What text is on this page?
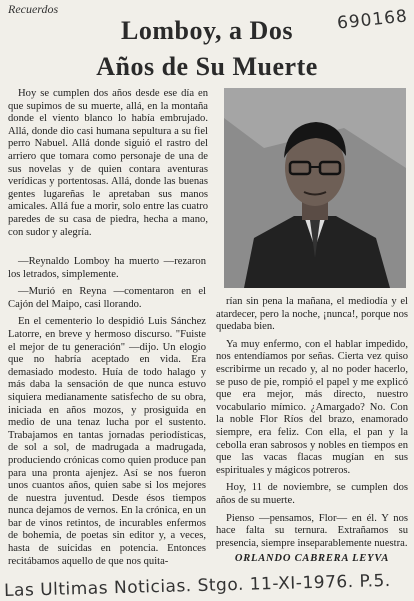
Recuerdos	690168
Lomboy, a Dos
Años de Su Muerte

Hoy se cumplen dos años desde ese día en que supimos de su muerte, allá, en la montaña donde el viento blanco lo había embrujado. Allá, donde dio casi humana sepultura a su fiel perro Nabuel. Allá donde siguió el rastro del arriero que tomara como personaje de una de sus novelas y de quien contara aventuras verídicas y portentosas. Allá, donde las buenas gentes lugareñas le apretaban sus manos amicales. Allá fue a morir, solo entre las cuatro paredes de su casa de piedra, hecha a mano, con sudor y alegría.

—Reynaldo Lomboy ha muerto —rezaron los letrados, simplemente.

—Murió en Reyna —comentaron en el Cajón del Maipo, casi llorando.

En el cementerio lo despidió Luis Sánchez Latorre, en breve y hermoso discurso. "Fuiste el mejor de tu generación" —dijo. Un elogio que no habría aceptado en vida. Era demasiado modesto. Huía de todo halago y más daba la sensación de que nunca estuvo siquiera medianamente satisfecho de su obra, iniciada en años mozos, y prosiguida en medio de una tenaz lucha por el sustento. Trabajamos en tantas jornadas periodísticas, de sol a sol, de madrugada a madrugada, produciendo crónicas como quien produce pan para una pronta ajenjez. Así se nos fueron unos cuantos años, quien sabe si los mejores de nuestra juventud. Desde ésos tiempos nunca dejamos de vernos. En la crónica, en un bar de vinos retintos, de incurables enfermos de bohemia, de poetas sin editor y, a veces, hasta de suicidas en potencia. Entonces recitábamos aquello de que nos quita-

rían sin pena la mañana, el mediodía y el atardecer, pero la noche, ¡nunca!, porque nos quedaba bien.

Ya muy enfermo, con el hablar impedido, nos entendíamos por señas. Cierta vez quiso escribirme un recado y, al no poder hacerlo, se puso de pie, rompió el papel y me explicó que era mejor, más directo, nuestro vocabulario mímico. ¿Amargado? No. Con la noble Flor Ríos del brazo, enamorado siempre, era feliz. Con ella, el pan y la cebolla eran sabrosos y nobles en tiempos en que las vacas flacas mugían en sus espirituales y mágicos potreros.

Hoy, 11 de noviembre, se cumplen dos años de su muerte.

Pienso —pensamos, Flor— en él. Y nos hace falta su ternura. Extrañamos su presencia, siempre inseparablemente nuestra.

ORLANDO CABRERA LEYVA
Las Ultimas Noticias. Stgo. 11-XI-1976. P.5.
